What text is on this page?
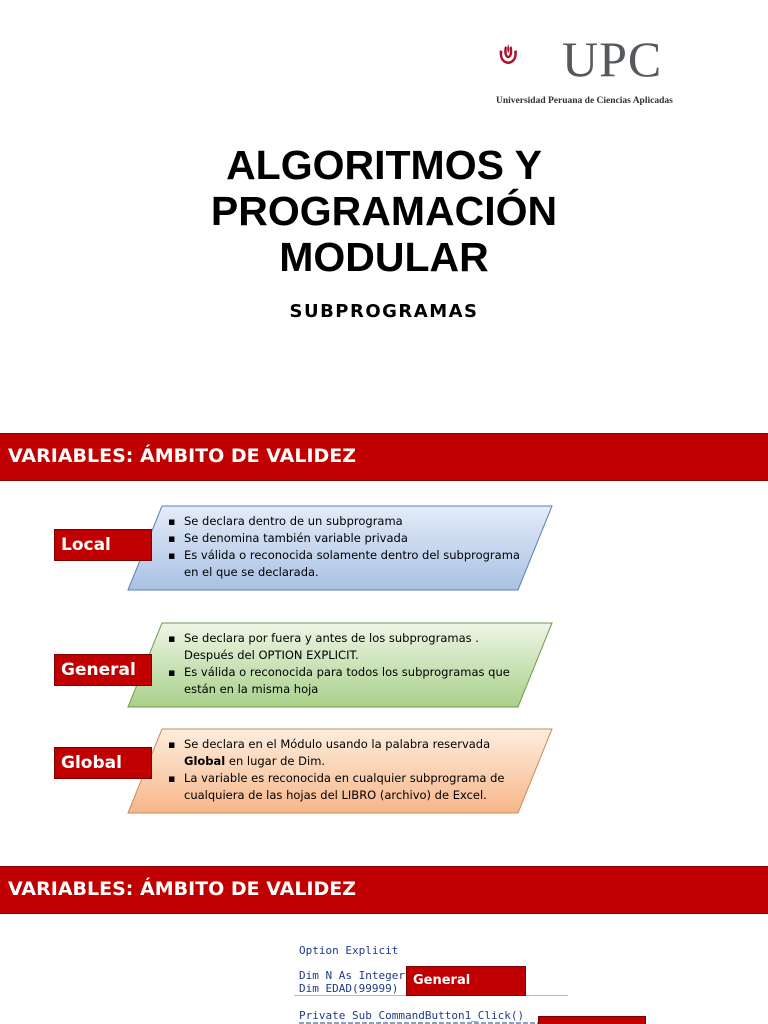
UPC
Universidad Peruana de Ciencias Aplicadas
ALGORITMOS Y
PROGRAMACIÓN
MODULAR
SUBPROGRAMAS
VARIABLES: ÁMBITO DE VALIDEZ
Local
▪ Se declara dentro de un subprograma
▪ Se denomina también variable privada
▪ Es válida o reconocida solamente dentro del subprograma en el que se declarada.
General
▪ Se declara por fuera y antes de los subprogramas . Después del OPTION EXPLICIT.
▪ Es válida o reconocida para todos los subprogramas que están en la misma hoja
Global
▪ Se declara en el Módulo usando la palabra reservada Global en lugar de Dim.
▪ La variable es reconocida en cualquier subprograma de cualquiera de las hojas del LIBRO (archivo) de Excel.
VARIABLES: ÁMBITO DE VALIDEZ
Option Explicit
Dim N As Integer
Dim EDAD(99999)
Private Sub CommandButton1_Click()
General
